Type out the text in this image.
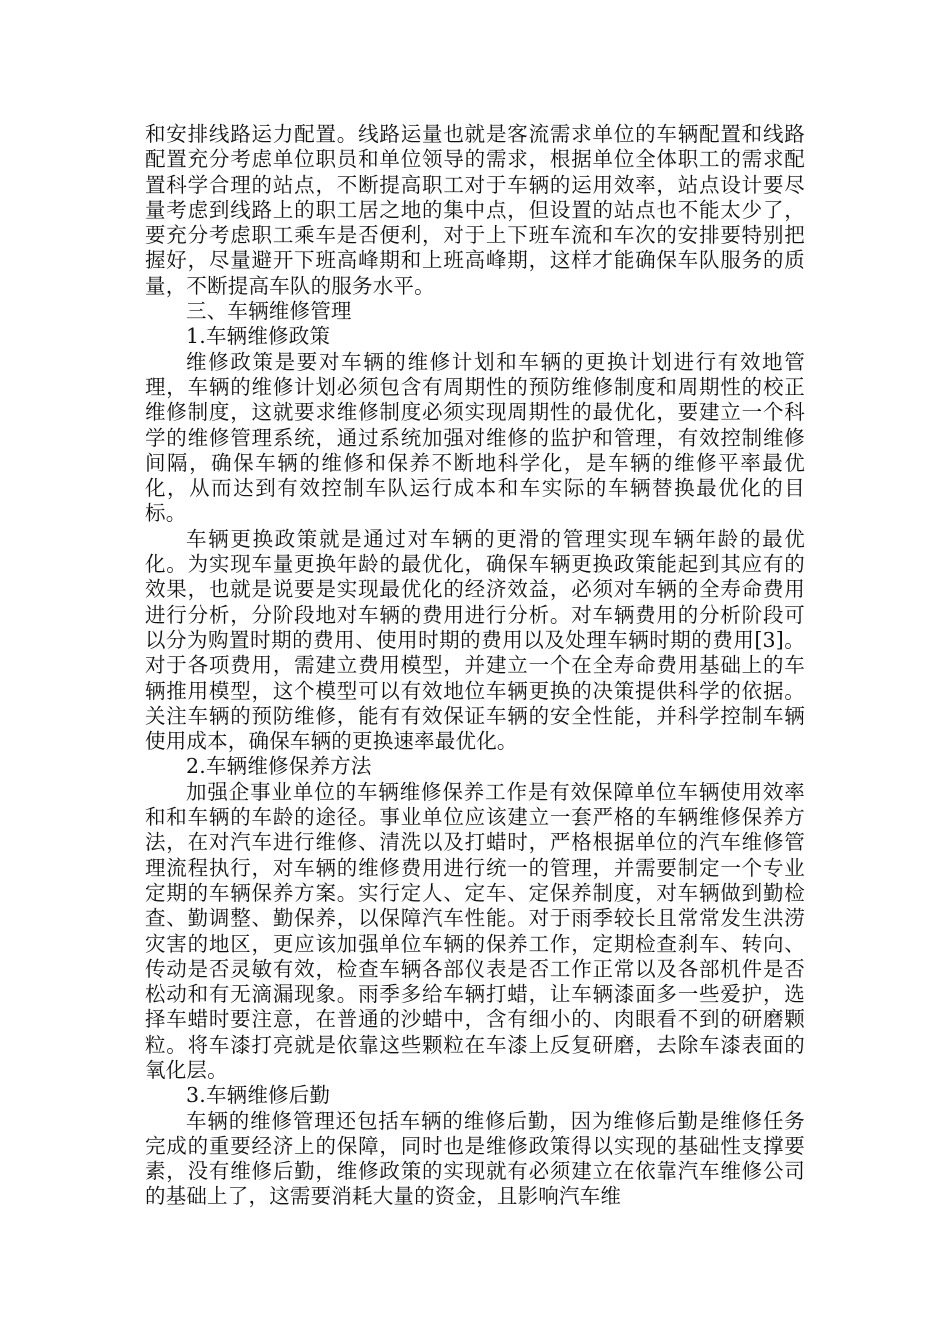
和安排线路运力配置。线路运量也就是客流需求单位的车辆配置和线路配置充分考虑单位职员和单位领导的需求，根据单位全体职工的需求配置科学合理的站点，不断提高职工对于车辆的运用效率，站点设计要尽量考虑到线路上的职工居之地的集中点，但设置的站点也不能太少了，要充分考虑职工乘车是否便利，对于上下班车流和车次的安排要特别把握好，尽量避开下班高峰期和上班高峰期，这样才能确保车队服务的质量，不断提高车队的服务水平。

三、车辆维修管理

1.车辆维修政策

维修政策是要对车辆的维修计划和车辆的更换计划进行有效地管理，车辆的维修计划必须包含有周期性的预防维修制度和周期性的校正维修制度，这就要求维修制度必须实现周期性的最优化，要建立一个科学的维修管理系统，通过系统加强对维修的监护和管理，有效控制维修间隔，确保车辆的维修和保养不断地科学化，是车辆的维修平率最优化，从而达到有效控制车队运行成本和车实际的车辆替换最优化的目标。

车辆更换政策就是通过对车辆的更滑的管理实现车辆年龄的最优化。为实现车量更换年龄的最优化，确保车辆更换政策能起到其应有的效果，也就是说要是实现最优化的经济效益，必须对车辆的全寿命费用进行分析，分阶段地对车辆的费用进行分析。对车辆费用的分析阶段可以分为购置时期的费用、使用时期的费用以及处理车辆时期的费用[3]。对于各项费用，需建立费用模型，并建立一个在全寿命费用基础上的车辆推用模型，这个模型可以有效地位车辆更换的决策提供科学的依据。关注车辆的预防维修，能有有效保证车辆的安全性能，并科学控制车辆使用成本，确保车辆的更换速率最优化。

2.车辆维修保养方法

加强企事业单位的车辆维修保养工作是有效保障单位车辆使用效率和和车辆的车龄的途径。事业单位应该建立一套严格的车辆维修保养方法，在对汽车进行维修、清洗以及打蜡时，严格根据单位的汽车维修管理流程执行，对车辆的维修费用进行统一的管理，并需要制定一个专业定期的车辆保养方案。实行定人、定车、定保养制度，对车辆做到勤检查、勤调整、勤保养，以保障汽车性能。对于雨季较长且常常发生洪涝灾害的地区，更应该加强单位车辆的保养工作，定期检查刹车、转向、传动是否灵敏有效，检查车辆各部仪表是否工作正常以及各部机件是否松动和有无滴漏现象。雨季多给车辆打蜡，让车辆漆面多一些爱护，选择车蜡时要注意，在普通的沙蜡中，含有细小的、肉眼看不到的研磨颗粒。将车漆打亮就是依靠这些颗粒在车漆上反复研磨，去除车漆表面的氧化层。

3.车辆维修后勤

车辆的维修管理还包括车辆的维修后勤，因为维修后勤是维修任务完成的重要经济上的保障，同时也是维修政策得以实现的基础性支撑要素，没有维修后勤，维修政策的实现就有必须建立在依靠汽车维修公司的基础上了，这需要消耗大量的资金，且影响汽车维
